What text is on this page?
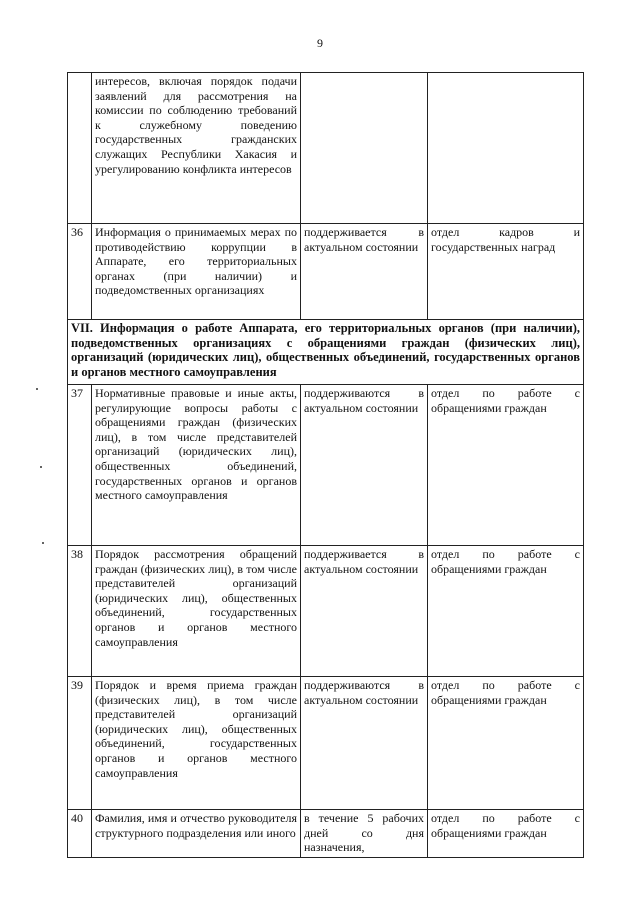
9
	интересов, включая порядок подачи заявлений для рассмотрения на комиссии по соблюдению требований к служебному поведению государственных гражданских служащих Республики Хакасия и урегулированию конфликта интересов		
36	Информация о принимаемых мерах по противодействию коррупции в Аппарате, его территориальных органах (при наличии) и подведомственных организациях	поддерживается в актуальном состоянии	отдел кадров и государственных наград
VII. Информация о работе Аппарата, его территориальных органов (при наличии), подведомственных организациях с обращениями граждан (физических лиц), организаций (юридических лиц), общественных объединений, государственных органов и органов местного самоуправления			
37	Нормативные правовые и иные акты, регулирующие вопросы работы с обращениями граждан (физических лиц), в том числе представителей организаций (юридических лиц), общественных объединений, государственных органов и органов местного самоуправления	поддерживаются в актуальном состоянии	отдел по работе с обращениями граждан
38	Порядок рассмотрения обращений граждан (физических лиц), в том числе представителей организаций (юридических лиц), общественных объединений, государственных органов и органов местного самоуправления	поддерживается в актуальном состоянии	отдел по работе с обращениями граждан
39	Порядок и время приема граждан (физических лиц), в том числе представителей организаций (юридических лиц), общественных объединений, государственных органов и органов местного самоуправления	поддерживаются в актуальном состоянии	отдел по работе с обращениями граждан
40	Фамилия, имя и отчество руководителя структурного подразделения или иного	в течение 5 рабочих дней со дня назначения,	отдел по работе с обращениями граждан
